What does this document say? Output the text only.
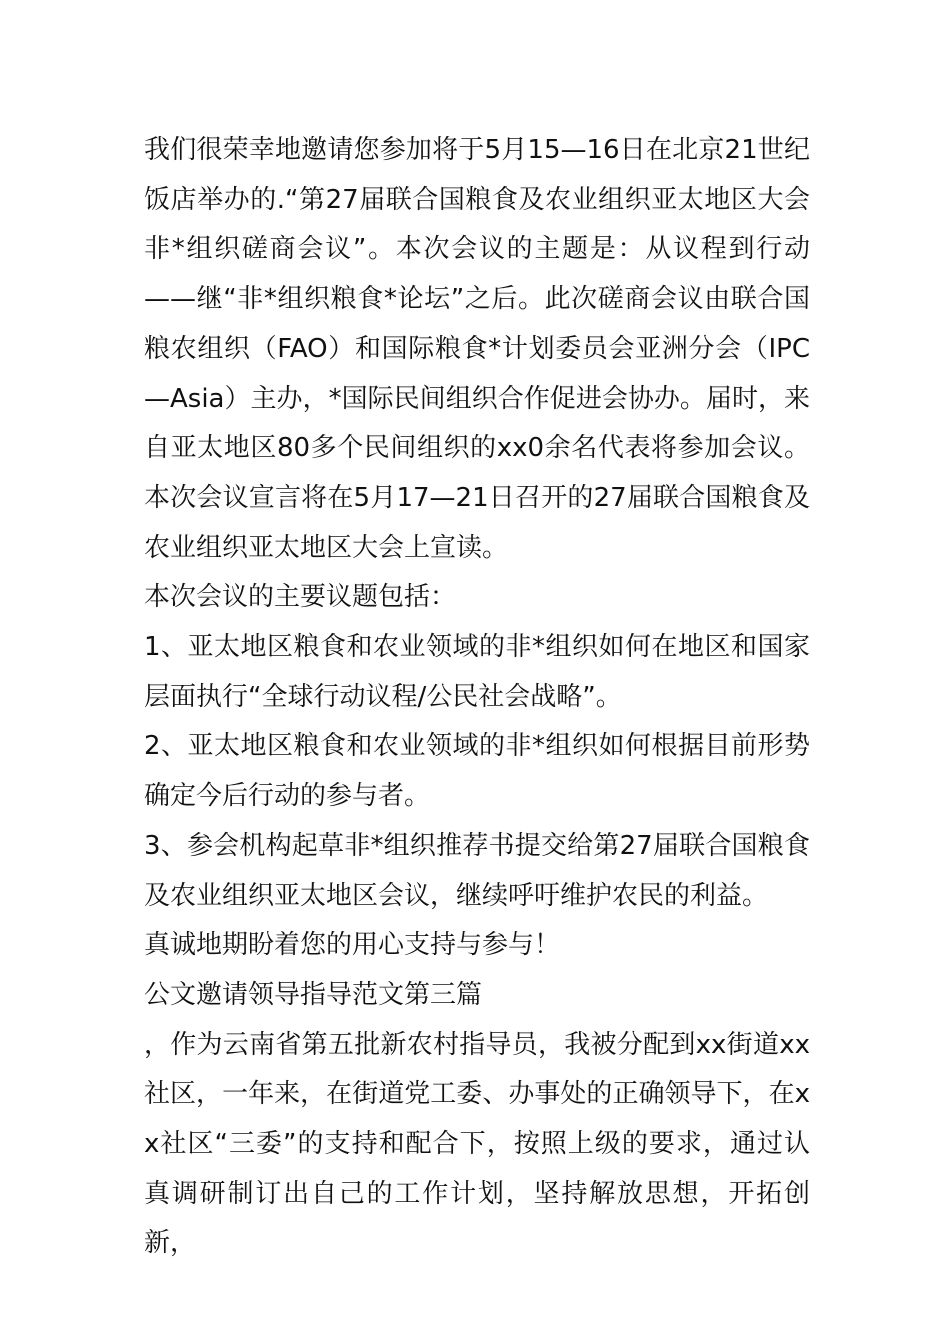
我们很荣幸地邀请您参加将于5月15—16日在北京21世纪饭店举办的.“第27届联合国粮食及农业组织亚太地区大会非*组织磋商会议”。本次会议的主题是：从议程到行动——继“非*组织粮食*论坛”之后。此次磋商会议由联合国粮农组织（FAO）和国际粮食*计划委员会亚洲分会（IPC—Asia）主办，*国际民间组织合作促进会协办。届时，来自亚太地区80多个民间组织的xx0余名代表将参加会议。本次会议宣言将在5月17—21日召开的27届联合国粮食及农业组织亚太地区大会上宣读。

本次会议的主要议题包括：

1、亚太地区粮食和农业领域的非*组织如何在地区和国家层面执行“全球行动议程/公民社会战略”。

2、亚太地区粮食和农业领域的非*组织如何根据目前形势确定今后行动的参与者。

3、参会机构起草非*组织推荐书提交给第27届联合国粮食及农业组织亚太地区会议，继续呼吁维护农民的利益。

真诚地期盼着您的用心支持与参与！

公文邀请领导指导范文第三篇

，作为云南省第五批新农村指导员，我被分配到xx街道xx社区，一年来，在街道党工委、办事处的正确领导下，在xx社区“三委”的支持和配合下，按照上级的要求，通过认真调研制订出自己的工作计划，坚持解放思想，开拓创新，
